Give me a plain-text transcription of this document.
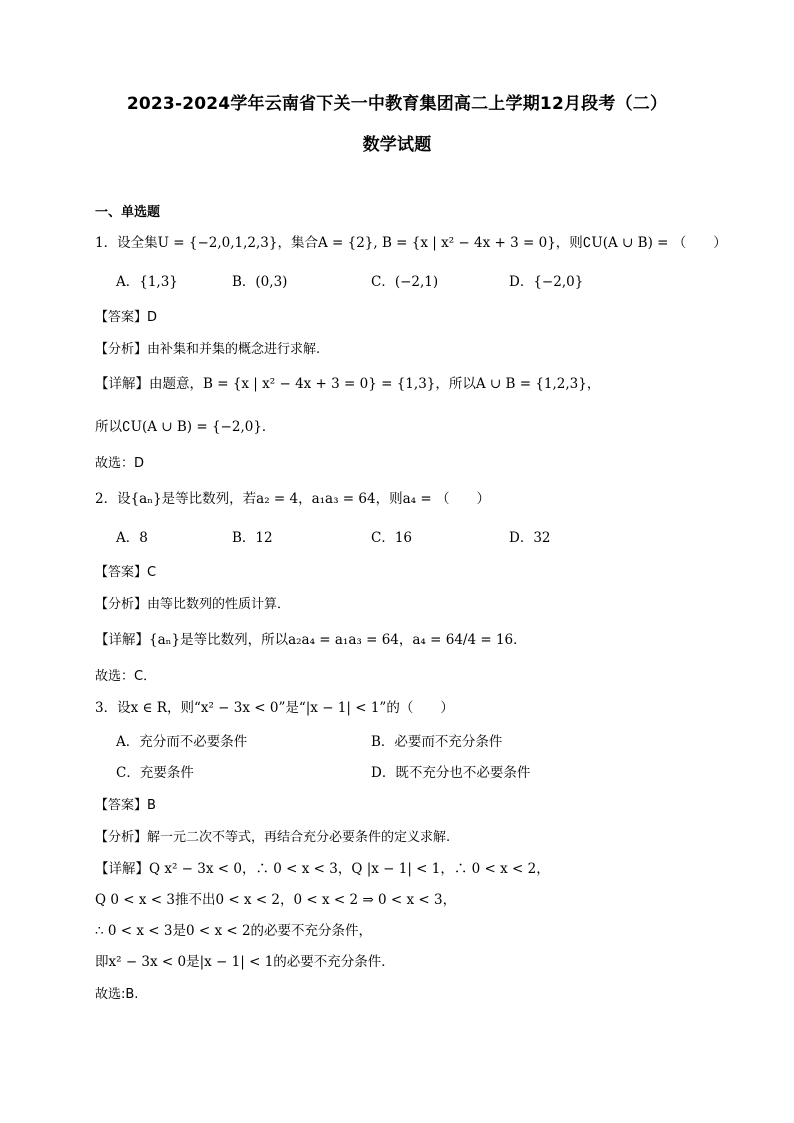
2023-2024学年云南省下关一中教育集团高二上学期12月段考（二）
数学试题
一、单选题
1．设全集U = {−2,0,1,2,3}，集合A = {2}, B = {x | x² − 4x + 3 = 0}，则∁U(A ∪ B) = （　　）
A．{1,3}	B．(0,3)	C．(−2,1)	D．{−2,0}
【答案】D
【分析】由补集和并集的概念进行求解.
【详解】由题意，B = {x | x² − 4x + 3 = 0} = {1,3}，所以A ∪ B = {1,2,3}，
所以∁U(A ∪ B) = {−2,0}．
故选：D
2．设{aₙ}是等比数列，若a₂ = 4，a₁a₃ = 64，则a₄ = （　　）
A．8	B．12	C．16	D．32
【答案】C
【分析】由等比数列的性质计算．
【详解】{aₙ}是等比数列，所以a₂a₄ = a₁a₃ = 64，a₄ = 64/4 = 16．
故选：C．
3．设x ∈ R，则“x² − 3x < 0”是“|x − 1| < 1”的（　　）
A．充分而不必要条件	B．必要而不充分条件
C．充要条件	D．既不充分也不必要条件
【答案】B
【分析】解一元二次不等式，再结合充分必要条件的定义求解.
【详解】Q x² − 3x < 0，∴ 0 < x < 3，Q |x − 1| < 1，∴ 0 < x < 2，
Q 0 < x < 3推不出0 < x < 2，0 < x < 2 ⇒ 0 < x < 3，
∴ 0 < x < 3是0 < x < 2的必要不充分条件，
即x² − 3x < 0是|x − 1| < 1的必要不充分条件．
故选:B.
